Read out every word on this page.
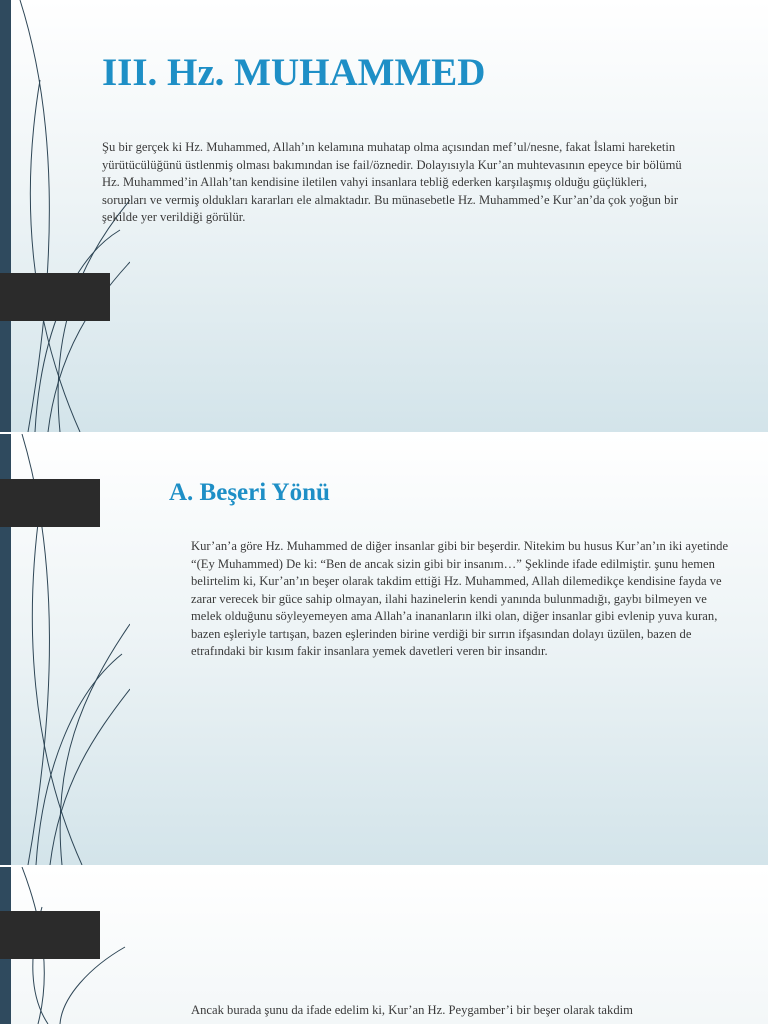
III. Hz. MUHAMMED

Şu bir gerçek ki Hz. Muhammed, Allah’ın kelamına muhatap olma açısından mef’ul/nesne, fakat İslami hareketin yürütücülüğünü üstlenmiş olması bakımından ise fail/öznedir. Dolayısıyla Kur’an muhtevasının epeyce bir bölümü Hz. Muhammed’in Allah’tan kendisine iletilen vahyi insanlara tebliğ ederken karşılaşmış olduğu güçlükleri, sorunları ve vermiş oldukları kararları ele almaktadır. Bu münasebetle Hz. Muhammed’e Kur’an’da çok yoğun bir şekilde yer verildiği görülür.

A. Beşeri Yönü
Kur’an’a göre Hz. Muhammed de diğer insanlar gibi bir beşerdir. Nitekim bu husus Kur’an’ın iki ayetinde “(Ey Muhammed) De ki: “Ben de ancak sizin gibi bir insanım…” Şeklinde ifade edilmiştir. şunu hemen belirtelim ki, Kur’an’ın beşer olarak takdim ettiği Hz. Muhammed, Allah dilemedikçe kendisine fayda ve zarar verecek bir güce sahip olmayan, ilahi hazinelerin kendi yanında bulunmadığı, gaybı bilmeyen ve melek olduğunu söyleyemeyen ama Allah’a inananların ilki olan, diğer insanlar gibi evlenip yuva kuran, bazen eşleriyle tartışan, bazen eşlerinden birine verdiği bir sırrın ifşasından dolayı üzülen, bazen de etrafındaki bir kısım fakir insanlara yemek davetleri veren bir insandır.
Ancak burada şunu da ifade edelim ki, Kur’an Hz. Peygamber’i bir beşer olarak takdim
